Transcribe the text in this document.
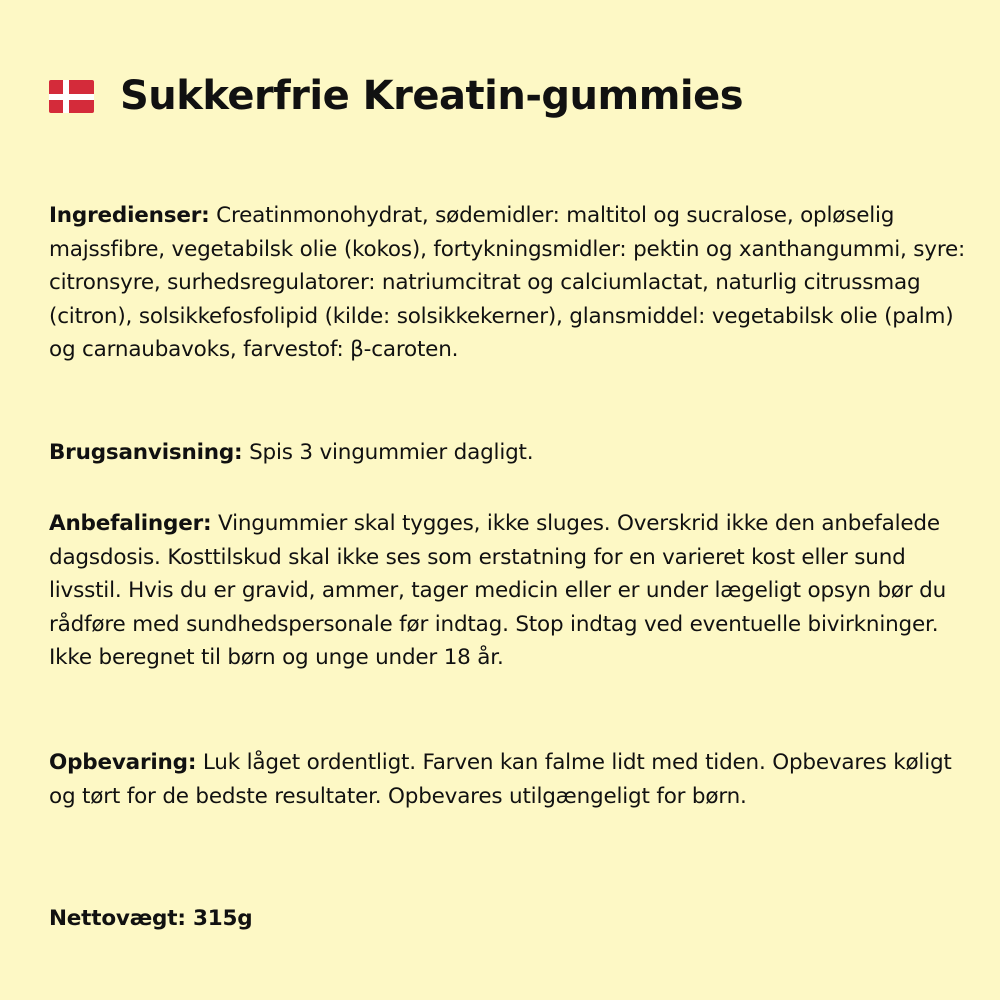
Sukkerfrie Kreatin-gummies

Ingredienser: Creatinmonohydrat, sødemidler: maltitol og sucralose, opløselig majssfibre, vegetabilsk olie (kokos), fortykningsmidler: pektin og xanthangummi, syre: citronsyre, surhedsregulatorer: natriumcitrat og calciumlactat, naturlig citrussmag (citron), solsikkefosfolipid (kilde: solsikkekerner), glansmiddel: vegetabilsk olie (palm) og carnaubavoks, farvestof: β-caroten.

Brugsanvisning: Spis 3 vingummier dagligt.

Anbefalinger: Vingummier skal tygges, ikke sluges. Overskrid ikke den anbefalede dagsdosis. Kosttilskud skal ikke ses som erstatning for en varieret kost eller sund livsstil. Hvis du er gravid, ammer, tager medicin eller er under lægeligt opsyn bør du rådføre med sundhedspersonale før indtag. Stop indtag ved eventuelle bivirkninger. Ikke beregnet til børn og unge under 18 år.

Opbevaring: Luk låget ordentligt. Farven kan falme lidt med tiden. Opbevares køligt og tørt for de bedste resultater. Opbevares utilgængeligt for børn.

Nettovægt: 315g
